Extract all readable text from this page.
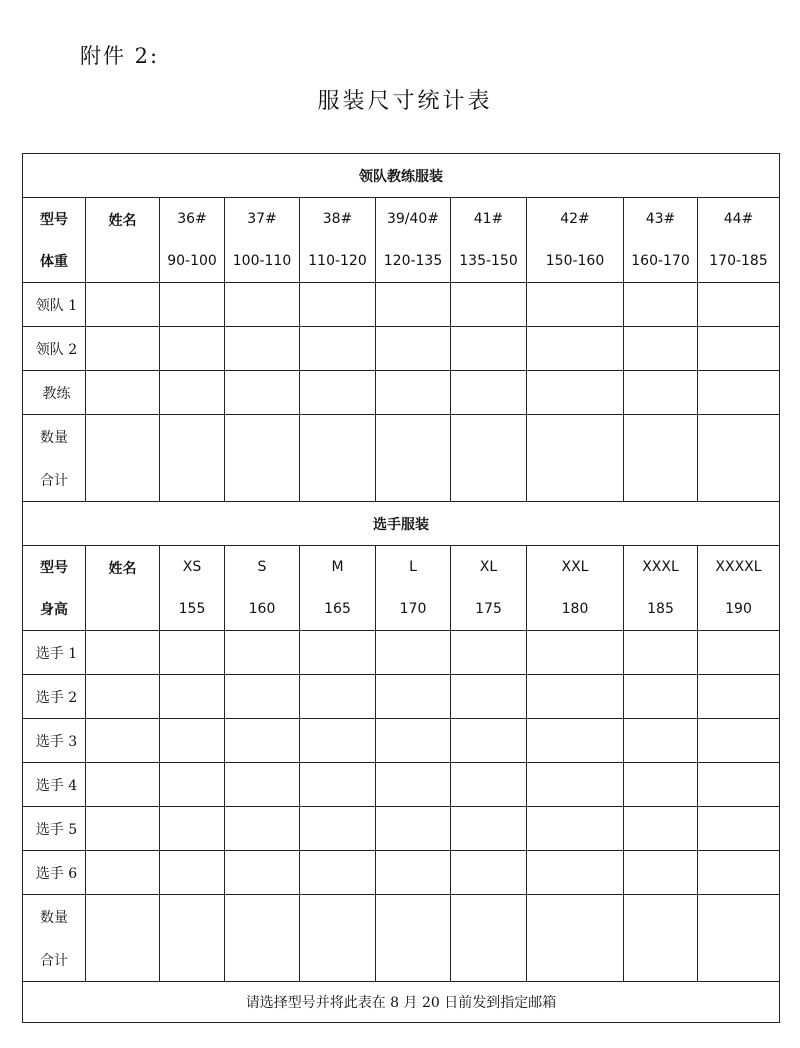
附件 2:
服装尺寸统计表
领队教练服装									
型号	姓名	36#	37#	38#	39/40#	41#	42#	43#	44#
体重		90-100	100-110	110-120	120-135	135-150	150-160	160-170	170-185
领队 1									
领队 2									
教练									
数量									
合计									
选手服装									
型号	姓名	XS	S	M	L	XL	XXL	XXXL	XXXXL
身高		155	160	165	170	175	180	185	190
选手 1									
选手 2									
选手 3									
选手 4									
选手 5									
选手 6									
数量									
合计									
请选择型号并将此表在 8 月 20 日前发到指定邮箱									
